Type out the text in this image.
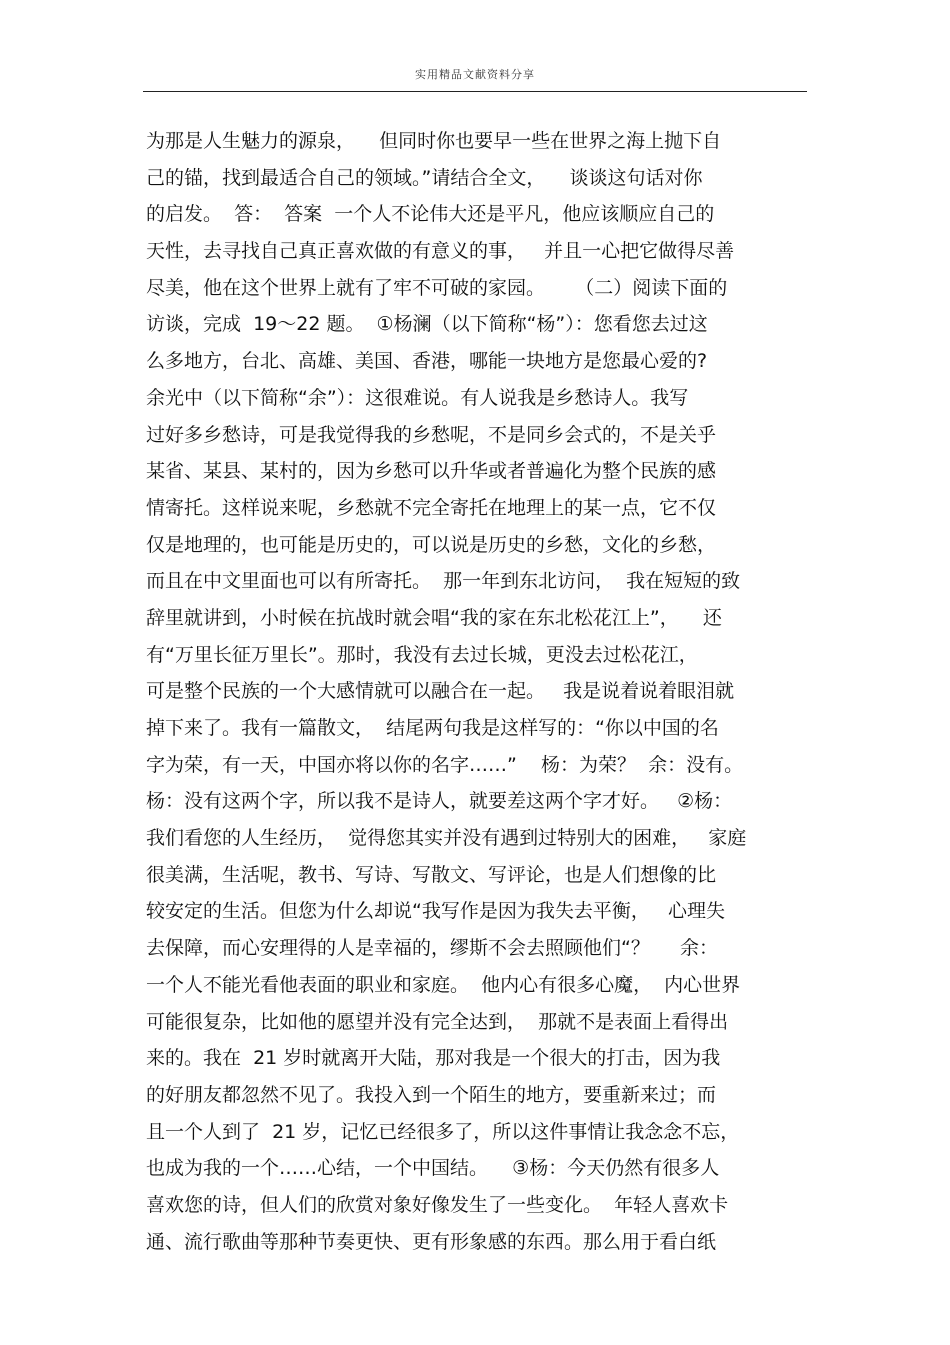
实用精品文献资料分享
为那是人生魅力的源泉，    但同时你也要早一些在世界之海上抛下自
己的锚，找到最适合自己的领域。”请结合全文，    谈谈这句话对你
的启发。  答：  答案  一个人不论伟大还是平凡，他应该顺应自己的
天性，去寻找自己真正喜欢做的有意义的事，   并且一心把它做得尽善
尽美，他在这个世界上就有了牢不可破的家园。     （二）阅读下面的
访谈，完成  19～22 题。  ①杨澜（以下简称“杨”）：您看您去过这
么多地方，台北、高雄、美国、香港，哪能一块地方是您最心爱的?
余光中（以下简称“余”）：这很难说。有人说我是乡愁诗人。我写
过好多乡愁诗，可是我觉得我的乡愁呢，不是同乡会式的，不是关乎
某省、某县、某村的，因为乡愁可以升华或者普遍化为整个民族的感
情寄托。这样说来呢，乡愁就不完全寄托在地理上的某一点，它不仅
仅是地理的，也可能是历史的，可以说是历史的乡愁，文化的乡愁，
而且在中文里面也可以有所寄托。  那一年到东北访问，  我在短短的致
辞里就讲到，小时候在抗战时就会唱“我的家在东北松花江上”，    还
有“万里长征万里长”。那时，我没有去过长城，更没去过松花江，
可是整个民族的一个大感情就可以融合在一起。   我是说着说着眼泪就
掉下来了。我有一篇散文，  结尾两句我是这样写的：“你以中国的名
字为荣，有一天，中国亦将以你的名字……”    杨：为荣？  余：没有。
杨：没有这两个字，所以我不是诗人，就要差这两个字才好。   ②杨：
我们看您的人生经历，  觉得您其实并没有遇到过特别大的困难，   家庭
很美满，生活呢，教书、写诗、写散文、写评论，也是人们想像的比
较安定的生活。但您为什么却说“我写作是因为我失去平衡，   心理失
去保障，而心安理得的人是幸福的，缪斯不会去照顾他们“？     余：
一个人不能光看他表面的职业和家庭。  他内心有很多心魔，  内心世界
可能很复杂，比如他的愿望并没有完全达到，  那就不是表面上看得出
来的。我在  21 岁时就离开大陆，那对我是一个很大的打击，因为我
的好朋友都忽然不见了。我投入到一个陌生的地方，要重新来过；而
且一个人到了  21 岁，记忆已经很多了，所以这件事情让我念念不忘，
也成为我的一个……心结，一个中国结。    ③杨：今天仍然有很多人
喜欢您的诗，但人们的欣赏对象好像发生了一些变化。  年轻人喜欢卡
通、流行歌曲等那种节奏更快、更有形象感的东西。那么用于看白纸
